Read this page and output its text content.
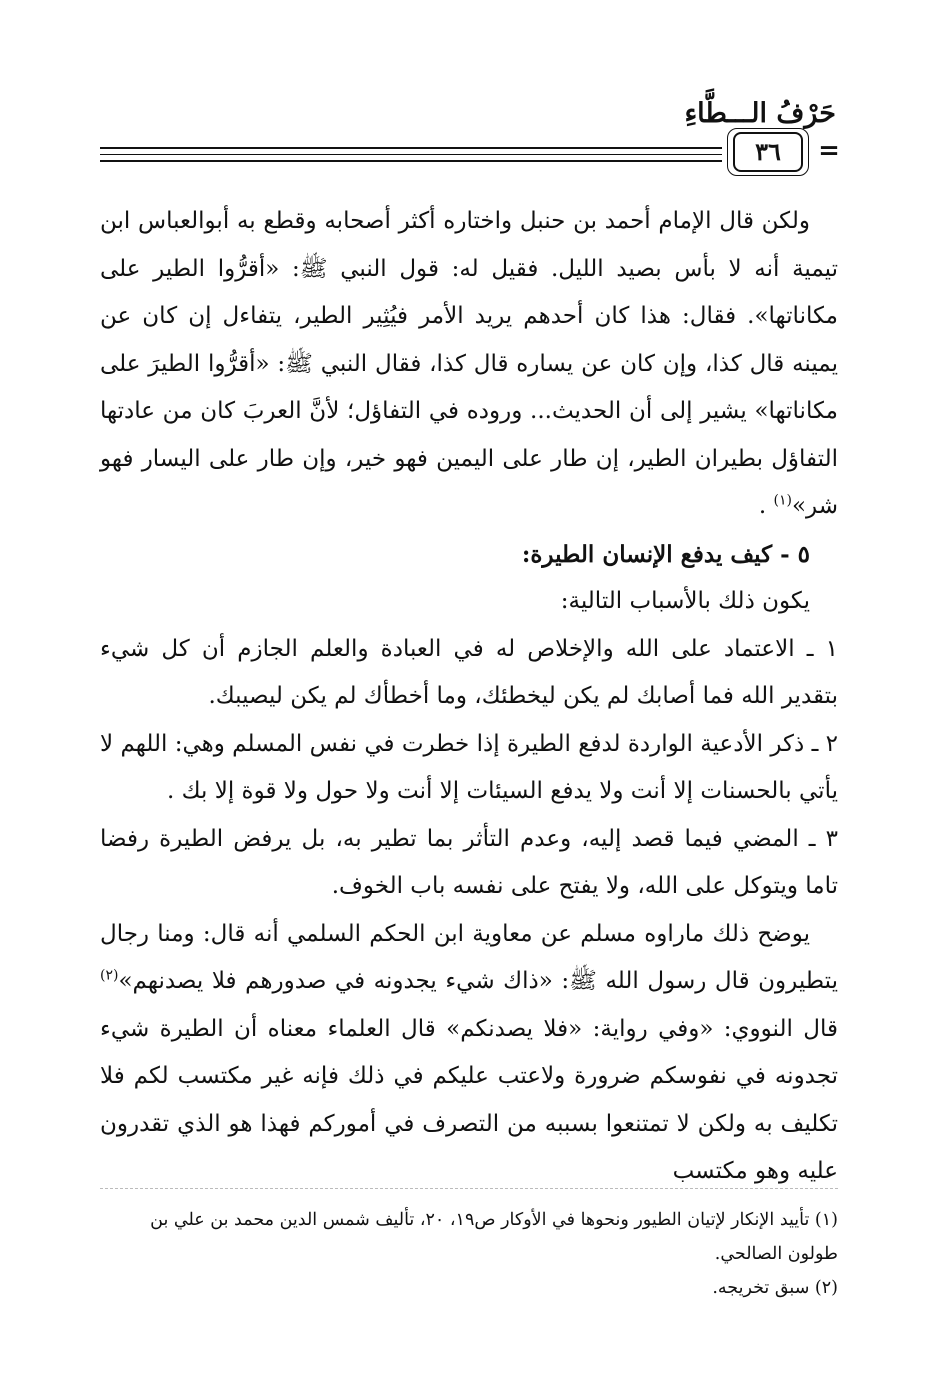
حَرْفُ الـــطَّاءِ
٣٦	=

ولكن قال الإمام أحمد بن حنبل واختاره أكثر أصحابه وقطع به أبوالعباس ابن تيمية أنه لا بأس بصيد الليل. فقيل له: قول النبي ﷺ: «أقرُّوا الطير على مكاناتها». فقال: هذا كان أحدهم يريد الأمر فيُثِير الطير، يتفاءل إن كان عن يمينه قال كذا، وإن كان عن يساره قال كذا، فقال النبي ﷺ: «أقرُّوا الطيرَ على مكاناتها» يشير إلى أن الحديث... وروده في التفاؤل؛ لأنَّ العربَ كان من عادتها التفاؤل بطيران الطير، إن طار على اليمين فهو خير، وإن طار على اليسار فهو شر»$^{(١)}$ .

٥ - كيف يدفع الإنسان الطيرة:

يكون ذلك بالأسباب التالية:

١ ـ الاعتماد على الله والإخلاص له في العبادة والعلم الجازم أن كل شيء بتقدير الله فما أصابك لم يكن ليخطئك، وما أخطأك لم يكن ليصيبك.

٢ ـ ذكر الأدعية الواردة لدفع الطيرة إذا خطرت في نفس المسلم وهي: اللهم لا يأتي بالحسنات إلا أنت ولا يدفع السيئات إلا أنت ولا حول ولا قوة إلا بك .

٣ ـ المضي فيما قصد إليه، وعدم التأثر بما تطير به، بل يرفض الطيرة رفضا تاما ويتوكل على الله، ولا يفتح على نفسه باب الخوف.

يوضح ذلك ماراوه مسلم عن معاوية ابن الحكم السلمي أنه قال: ومنا رجال يتطيرون قال رسول الله ﷺ: «ذاك شيء يجدونه في صدورهم فلا يصدنهم»$^{(٢)}$ قال النووي: «وفي رواية: «فلا يصدنكم» قال العلماء معناه أن الطيرة شيء تجدونه في نفوسكم ضرورة ولاعتب عليكم في ذلك فإنه غير مكتسب لكم فلا تكليف به ولكن لا تمتنعوا بسببه من التصرف في أموركم فهذا هو الذي تقدرون عليه وهو مكتسب

(١) تأييد الإنكار لإتيان الطيور ونحوها في الأوكار ص١٩، ٢٠، تأليف شمس الدين محمد بن علي بن طولون الصالحي.

(٢) سبق تخريجه.
